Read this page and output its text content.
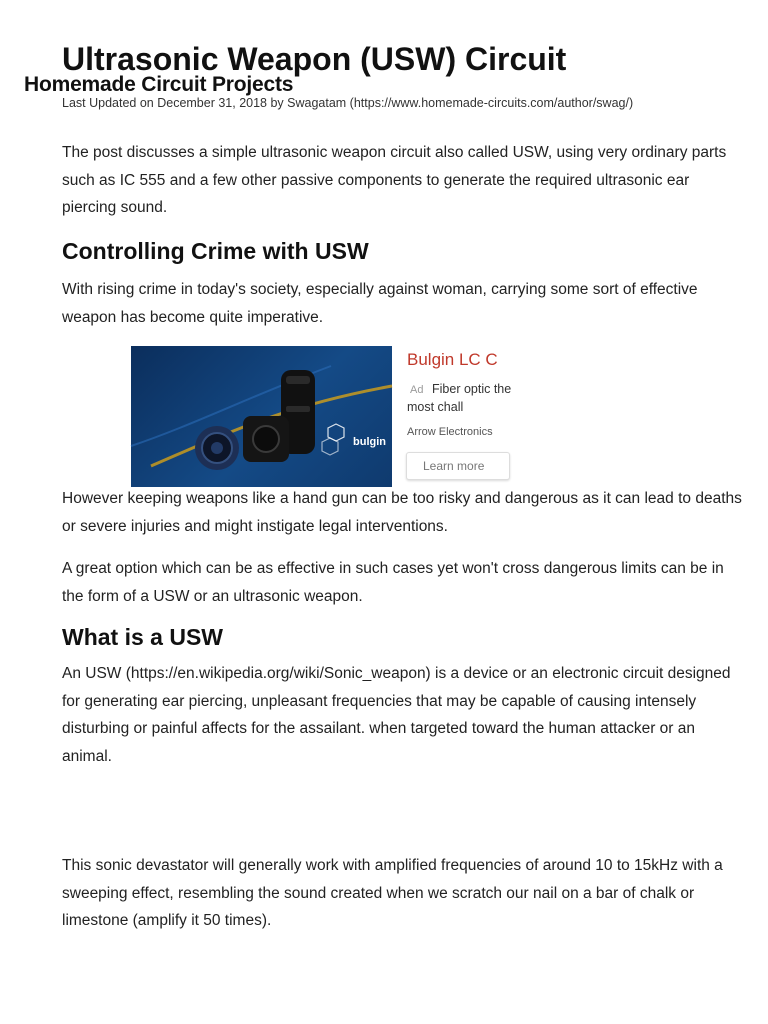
Ultrasonic Weapon (USW) Circuit
Homemade Circuit Projects
Last Updated on December 31, 2018 by Swagatam (https://www.homemade-circuits.com/author/swag/)

The post discusses a simple ultrasonic weapon circuit also called USW, using very ordinary parts such as IC 555 and a few other passive components to generate the required ultrasonic ear piercing sound.

Controlling Crime with USW

With rising crime in today's society, especially against woman, carrying some sort of effective weapon has become quite imperative.

bulgin
Bulgin LC C
Ad Fiber optic the most chall
Arrow Electronics
Learn more

However keeping weapons like a hand gun can be too risky and dangerous as it can lead to deaths or severe injuries and might instigate legal interventions.

A great option which can be as effective in such cases yet won't cross dangerous limits can be in the form of a USW or an ultrasonic weapon.

What is a USW

An USW (https://en.wikipedia.org/wiki/Sonic_weapon) is a device or an electronic circuit designed for generating ear piercing, unpleasant frequencies that may be capable of causing intensely disturbing or painful affects for the assailant. when targeted toward the human attacker or an animal.

This sonic devastator will generally work with amplified frequencies of around 10 to 15kHz with a sweeping effect, resembling the sound created when we scratch our nail on a bar of chalk or limestone (amplify it 50 times).
